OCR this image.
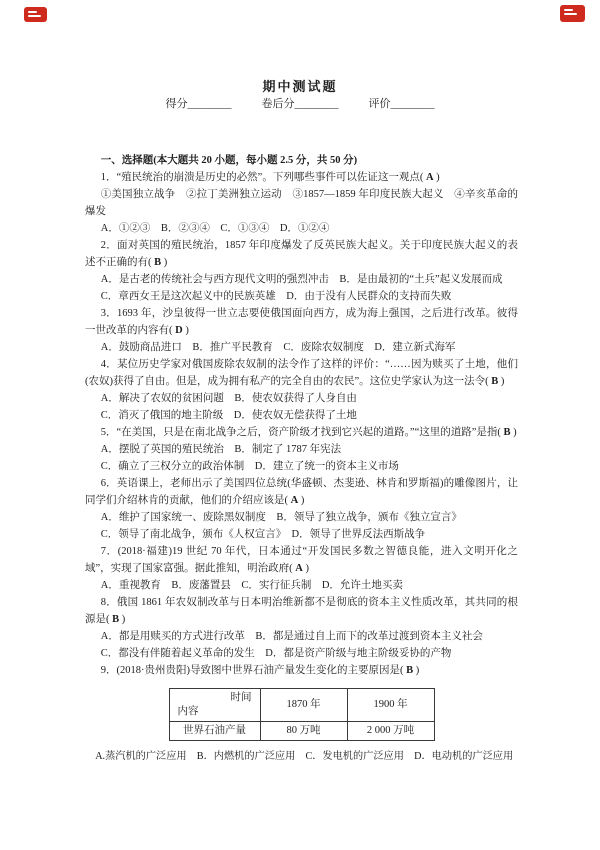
期中测试题
得分________	卷后分________	评价________

一、选择题(本大题共 20 小题，每小题 2.5 分，共 50 分)

1．“殖民统治的崩溃是历史的必然”。下列哪些事件可以佐证这一观点( A )

①美国独立战争　②拉丁美洲独立运动　③1857—1859 年印度民族大起义　④辛亥革命的爆发

A．①②③　B．②③④　C．①③④　D．①②④

2．面对英国的殖民统治，1857 年印度爆发了反英民族大起义。关于印度民族大起义的表述不正确的有( B )

A．是古老的传统社会与西方现代文明的强烈冲击　B．是由最初的“土兵”起义发展而成

C．章西女王是这次起义中的民族英雄　D．由于没有人民群众的支持而失败

3．1693 年，沙皇彼得一世立志要使俄国面向西方，成为海上强国，之后进行改革。彼得一世改革的内容有( D )

A．鼓励商品进口　B．推广平民教育　C．废除农奴制度　D．建立新式海军

4．某位历史学家对俄国废除农奴制的法令作了这样的评价：“……因为赎买了土地，他们(农奴)获得了自由。但是，成为拥有私产的完全自由的农民”。这位史学家认为这一法令( B )

A．解决了农奴的贫困问题　B．使农奴获得了人身自由

C．消灭了俄国的地主阶级　D．使农奴无偿获得了土地

5．“在美国，只是在南北战争之后，资产阶级才找到它兴起的道路。”“这里的道路”是指( B )

A．摆脱了英国的殖民统治　B．制定了 1787 年宪法

C．确立了三权分立的政治体制　D．建立了统一的资本主义市场

6．英语课上，老师出示了美国四位总统(华盛顿、杰斐逊、林肯和罗斯福)的雕像图片，让同学们介绍林肯的贡献，他们的介绍应该是( A )

A．维护了国家统一、废除黑奴制度　B．领导了独立战争，颁布《独立宣言》

C．领导了南北战争，颁布《人权宣言》　D．领导了世界反法西斯战争

7．(2018·福建)19 世纪 70 年代，日本通过“开发国民多数之智德良能，进入文明开化之域”，实现了国家富强。据此推知，明治政府( A )

A．重视教育　B．废藩置县　C．实行征兵制　D．允许土地买卖

8．俄国 1861 年农奴制改革与日本明治维新都不是彻底的资本主义性质改革，其共同的根源是( B )

A．都是用赎买的方式进行改革　B．都是通过自上而下的改革过渡到资本主义社会

C．都没有伴随着起义革命的发生　D．都是资产阶级与地主阶级妥协的产物

9．(2018·贵州贵阳)导致图中世界石油产量发生变化的主要原因是( B )

时间
内容	1870 年	1900 年
世界石油产量	80 万吨	2 000 万吨

A.蒸汽机的广泛应用　B．内燃机的广泛应用　C．发电机的广泛应用　D．电动机的广泛应用
